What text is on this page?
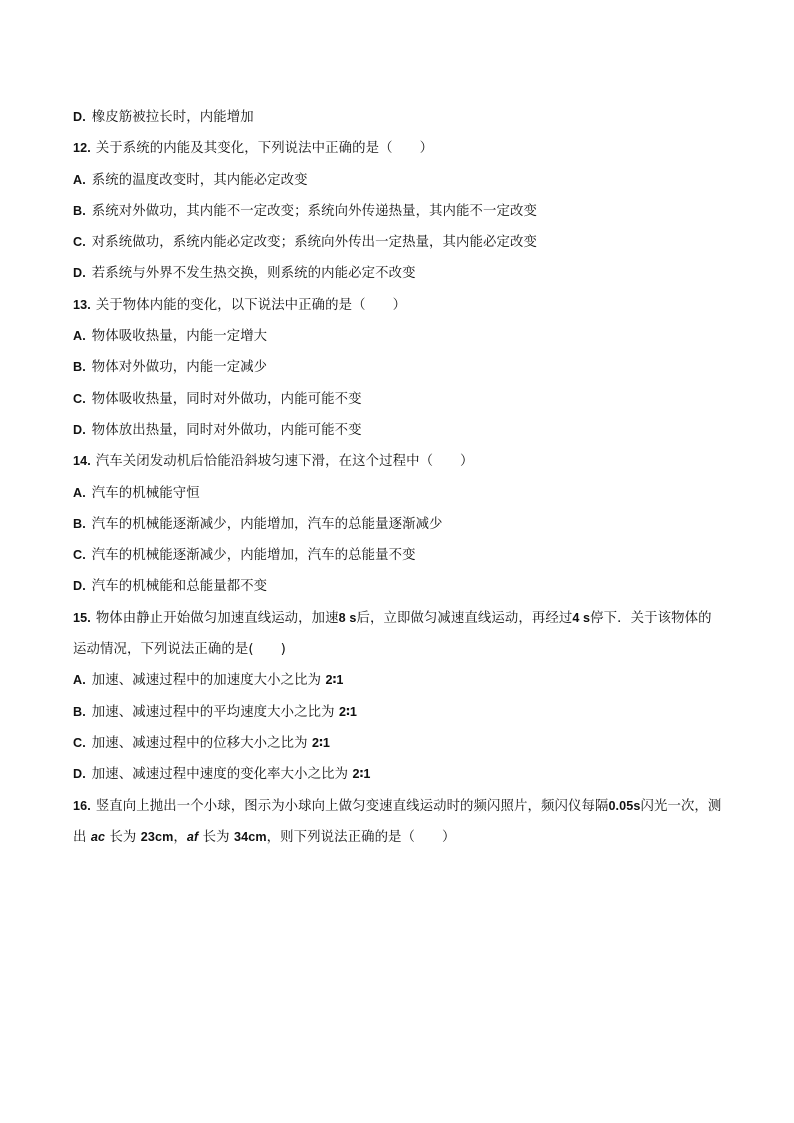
D. 橡皮筋被拉长时，内能增加
12. 关于系统的内能及其变化，下列说法中正确的是（　　）
A. 系统的温度改变时，其内能必定改变
B. 系统对外做功，其内能不一定改变；系统向外传递热量，其内能不一定改变
C. 对系统做功，系统内能必定改变；系统向外传出一定热量，其内能必定改变
D. 若系统与外界不发生热交换，则系统的内能必定不改变
13. 关于物体内能的变化，以下说法中正确的是（　　）
A. 物体吸收热量，内能一定增大
B. 物体对外做功，内能一定减少
C. 物体吸收热量，同时对外做功，内能可能不变
D. 物体放出热量，同时对外做功，内能可能不变
14. 汽车关闭发动机后恰能沿斜坡匀速下滑，在这个过程中（　　）
A. 汽车的机械能守恒
B. 汽车的机械能逐渐减少，内能增加，汽车的总能量逐渐减少
C. 汽车的机械能逐渐减少，内能增加，汽车的总能量不变
D. 汽车的机械能和总能量都不变
15. 物体由静止开始做匀加速直线运动，加速8 s后，立即做匀减速直线运动，再经过4 s停下．关于该物体的运动情况，下列说法正确的是(　　)
A. 加速、减速过程中的加速度大小之比为 2∶1
B. 加速、减速过程中的平均速度大小之比为 2∶1
C. 加速、减速过程中的位移大小之比为 2∶1
D. 加速、减速过程中速度的变化率大小之比为 2∶1
16. 竖直向上抛出一个小球，图示为小球向上做匀变速直线运动时的频闪照片，频闪仪每隔0.05s闪光一次，测出 ac 长为 23cm，af 长为 34cm，则下列说法正确的是（　　）
